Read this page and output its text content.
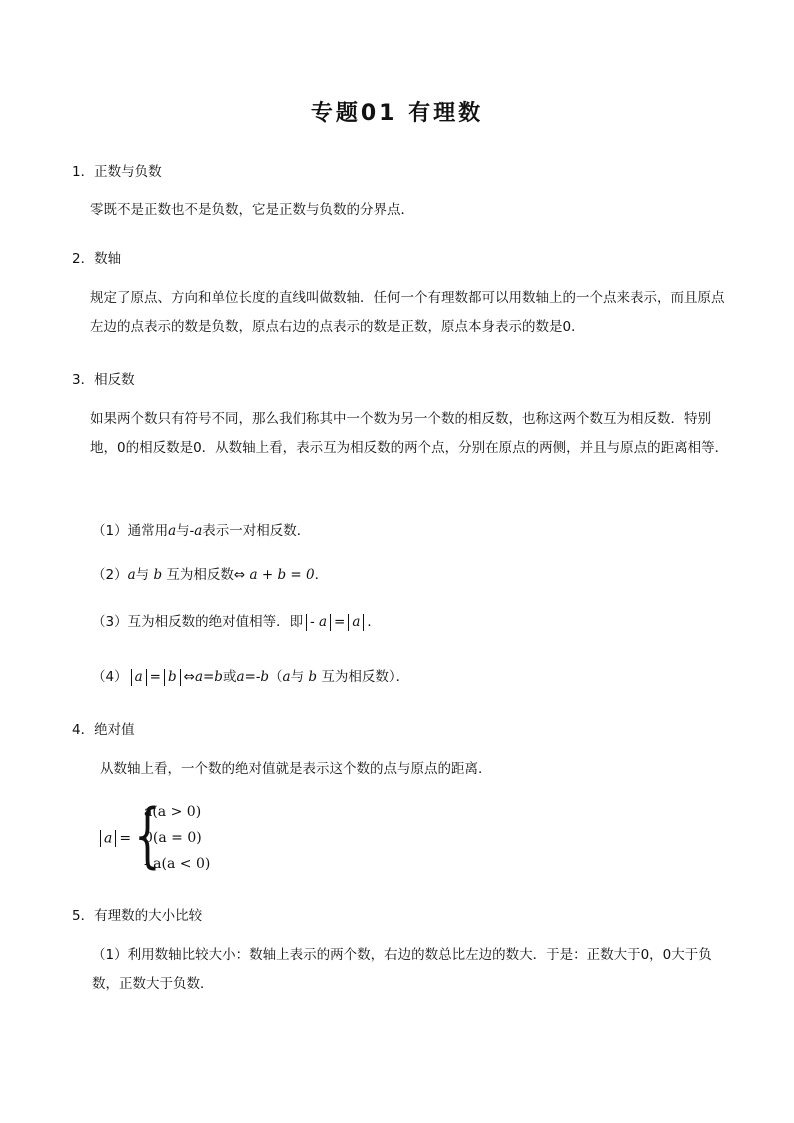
专题01 有理数
1．正数与负数
零既不是正数也不是负数，它是正数与负数的分界点．
2．数轴
规定了原点、方向和单位长度的直线叫做数轴．任何一个有理数都可以用数轴上的一个点来表示，而且原点左边的点表示的数是负数，原点右边的点表示的数是正数，原点本身表示的数是0．
3．相反数
如果两个数只有符号不同，那么我们称其中一个数为另一个数的相反数，也称这两个数互为相反数．特别地，0的相反数是0．从数轴上看，表示互为相反数的两个点，分别在原点的两侧，并且与原点的距离相等．
（1）通常用a与-a表示一对相反数．
（2）a与 b 互为相反数⇔ a + b = 0．
（3）互为相反数的绝对值相等．即 - a = a ．
（4） a = b ⇔a=b或a=-b（a与 b 互为相反数）．
4．绝对值
从数轴上看，一个数的绝对值就是表示这个数的点与原点的距离.
a = {
a(a > 0)
0(a = 0)
- a(a < 0)
5．有理数的大小比较
（1）利用数轴比较大小：数轴上表示的两个数，右边的数总比左边的数大．于是：正数大于0，0大于负数，正数大于负数．
